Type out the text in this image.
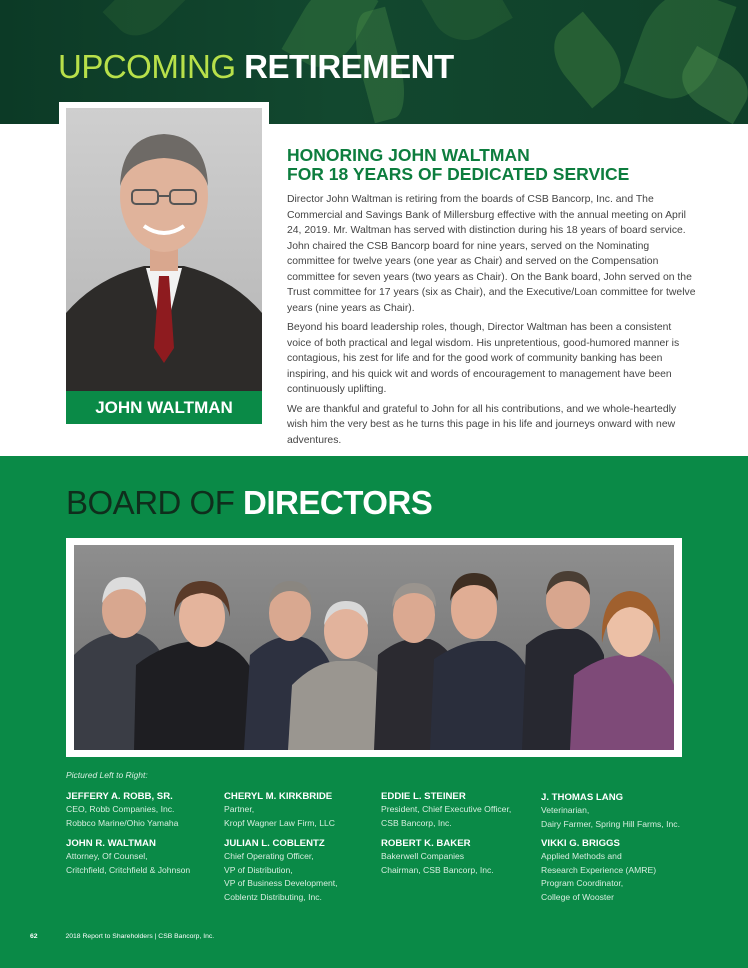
UPCOMING RETIREMENT
JOHN WALTMAN
HONORING JOHN WALTMAN
FOR 18 YEARS OF DEDICATED SERVICE

Director John Waltman is retiring from the boards of CSB Bancorp, Inc. and The Commercial and Savings Bank of Millersburg effective with the annual meeting on April 24, 2019. Mr. Waltman has served with distinction during his 18 years of board service. John chaired the CSB Bancorp board for nine years, served on the Nominating committee for twelve years (one year as Chair) and served on the Compensation committee for seven years (two years as Chair). On the Bank board, John served on the Trust committee for 17 years (six as Chair), and the Executive/Loan committee for twelve years (nine years as Chair).

Beyond his board leadership roles, though, Director Waltman has been a consistent voice of both practical and legal wisdom. His unpretentious, good-humored manner is contagious, his zest for life and for the good work of community banking has been inspiring, and his quick wit and words of encouragement to management have been continuously uplifting.

We are thankful and grateful to John for all his contributions, and we whole-heartedly wish him the very best as he turns this page in his life and journeys onward with new adventures.

BOARD OF DIRECTORS
Pictured Left to Right:
JEFFERY A. ROBB, SR.
CEO, Robb Companies, Inc.
Robbco Marine/Ohio Yamaha
CHERYL M. KIRKBRIDE
Partner,
Kropf Wagner Law Firm, LLC
EDDIE L. STEINER
President, Chief Executive Officer,
CSB Bancorp, Inc.
J. THOMAS LANG
Veterinarian,
Dairy Farmer, Spring Hill Farms, Inc.
JOHN R. WALTMAN
Attorney, Of Counsel,
Critchfield, Critchfield & Johnson
JULIAN L. COBLENTZ
Chief Operating Officer,
VP of Distribution,
VP of Business Development,
Coblentz Distributing, Inc.
ROBERT K. BAKER
Bakerwell Companies
Chairman, CSB Bancorp, Inc.
VIKKI G. BRIGGS
Applied Methods and
Research Experience (AMRE)
Program Coordinator,
College of Wooster
62	2018 Report to Shareholders | CSB Bancorp, Inc.
